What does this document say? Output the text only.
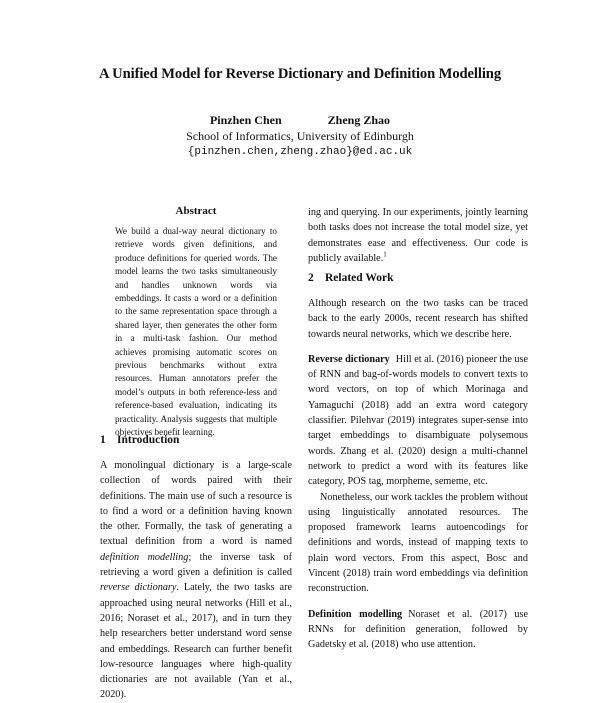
A Unified Model for Reverse Dictionary and Definition Modelling
Pinzhen Chen	Zheng Zhao
School of Informatics, University of Edinburgh
{pinzhen.chen,zheng.zhao}@ed.ac.uk
Abstract
We build a dual-way neural dictionary to retrieve words given definitions, and produce definitions for queried words. The model learns the two tasks simultaneously and handles unknown words via embeddings. It casts a word or a definition to the same representation space through a shared layer, then generates the other form in a multi-task fashion. Our method achieves promising automatic scores on previous benchmarks without extra resources. Human annotators prefer the model’s outputs in both reference-less and reference-based evaluation, indicating its practicality. Analysis suggests that multiple objectives benefit learning.
1 Introduction

A monolingual dictionary is a large-scale collection of words paired with their definitions. The main use of such a resource is to find a word or a definition having known the other. Formally, the task of generating a textual definition from a word is named definition modelling; the inverse task of retrieving a word given a definition is called reverse dictionary. Lately, the two tasks are approached using neural networks (Hill et al., 2016; Noraset et al., 2017), and in turn they help researchers better understand word sense and embeddings. Research can further benefit low-resource languages where high-quality dictionaries are not available (Yan et al., 2020).

ing and querying. In our experiments, jointly learning both tasks does not increase the total model size, yet demonstrates ease and effectiveness. Our code is publicly available.$^1$

2 Related Work

Although research on the two tasks can be traced back to the early 2000s, recent research has shifted towards neural networks, which we describe here.

Reverse dictionary Hill et al. (2016) pioneer the use of RNN and bag-of-words models to convert texts to word vectors, on top of which Morinaga and Yamaguchi (2018) add an extra word category classifier. Pilehvar (2019) integrates super-sense into target embeddings to disambiguate polysemous words. Zhang et al. (2020) design a multi-channel network to predict a word with its features like category, POS tag, morpheme, sememe, etc.

Nonetheless, our work tackles the problem without using linguistically annotated resources. The proposed framework learns autoencodings for definitions and words, instead of mapping texts to plain word vectors. From this aspect, Bosc and Vincent (2018) train word embeddings via definition reconstruction.

Definition modelling Noraset et al. (2017) use RNNs for definition generation, followed by Gadetsky et al. (2018) who use attention.
